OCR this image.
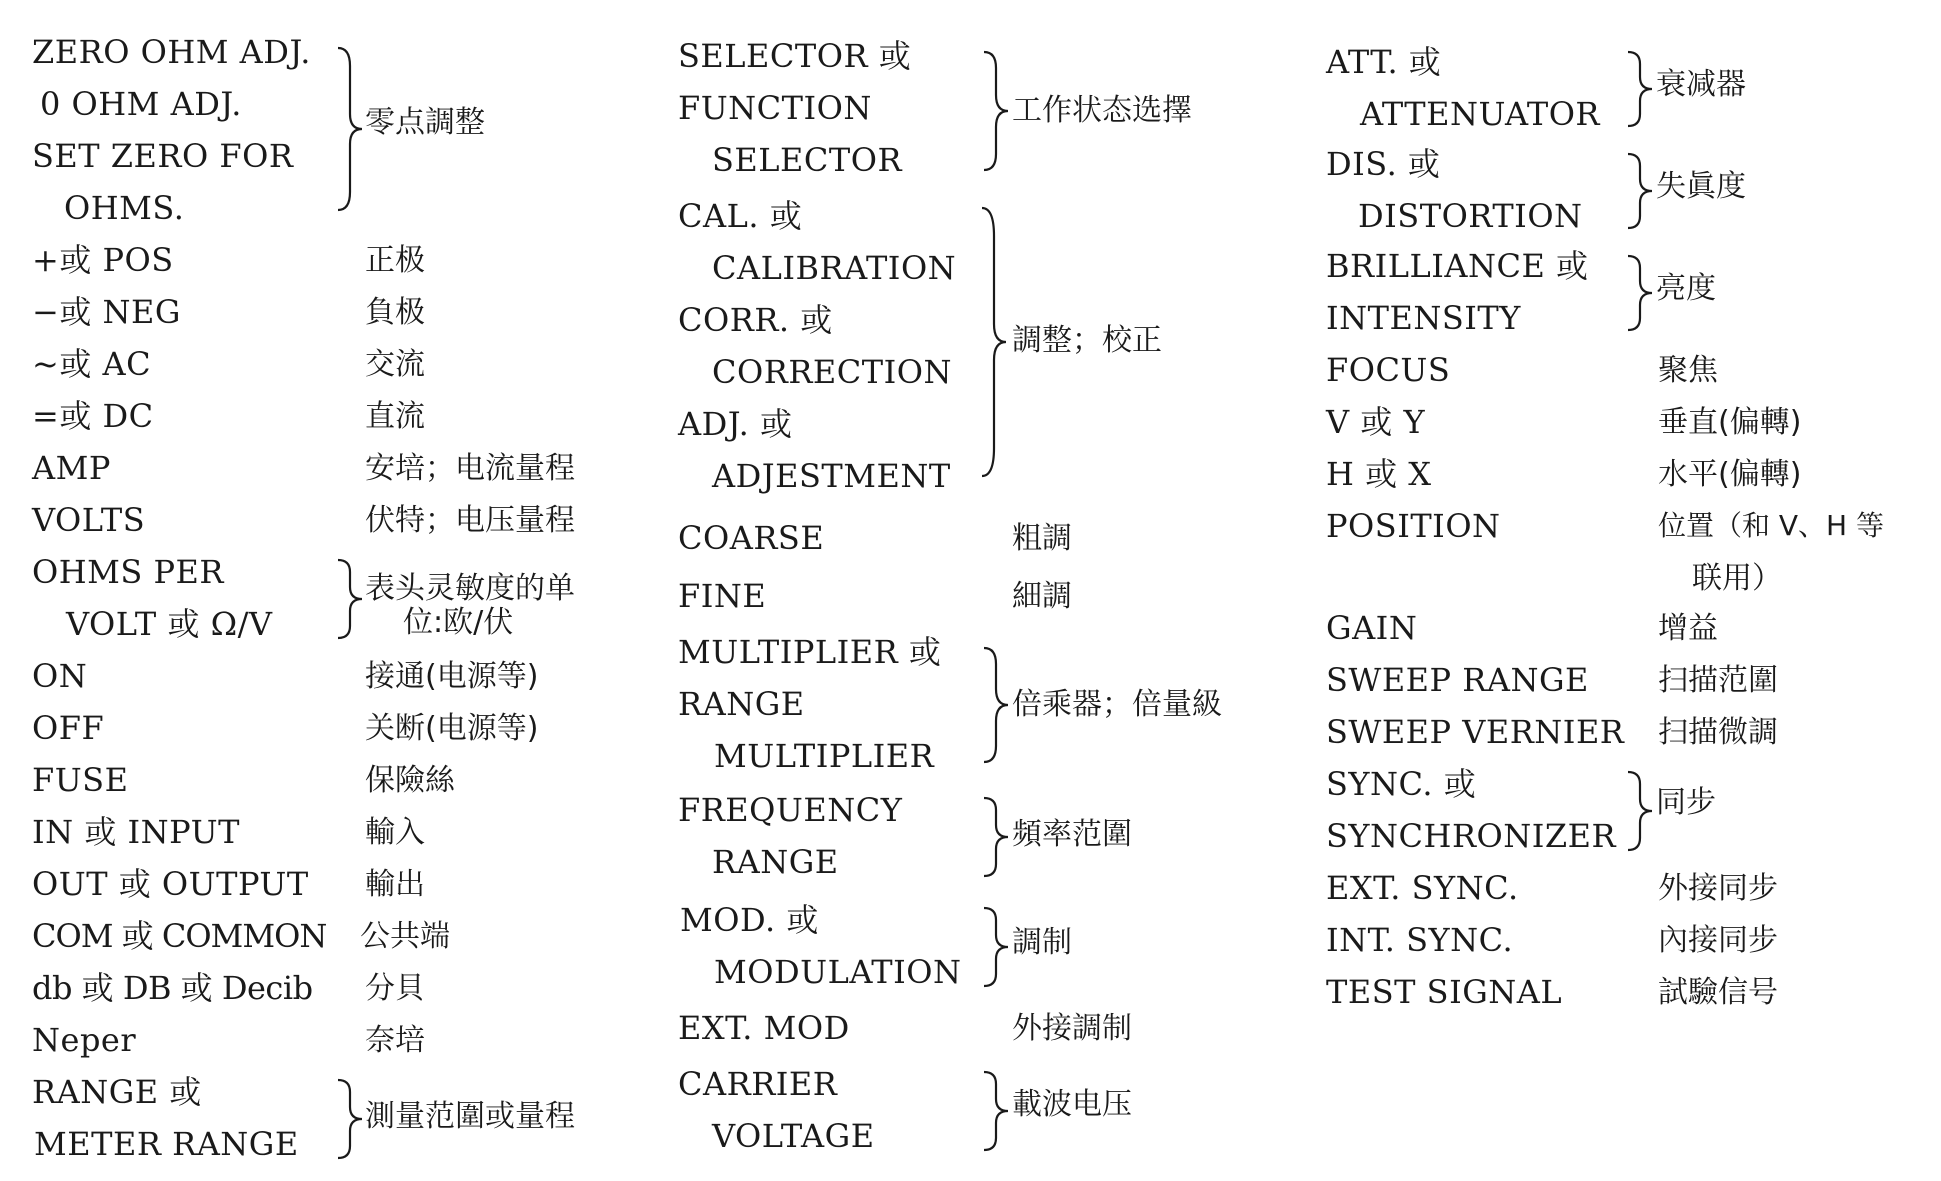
ZERO OHM ADJ.
0 OHM ADJ.
SET ZERO FOR
OHMS.
零点調整
+或 POS	正极
−或 NEG	負极
~或 AC	交流
=或 DC	直流
AMP	安培；电流量程
VOLTS	伏特；电压量程
OHMS PER
VOLT 或 Ω/V
表头灵敏度的单
位:欧/伏
ON	接通(电源等)
OFF	关断(电源等)
FUSE	保險絲
IN 或 INPUT	輸入
OUT 或 OUTPUT 輸出
COM 或 COMMON 公共端
db 或 DB 或 Decib 分貝
Neper	奈培
RANGE 或
METER RANGE
測量范圍或量程
SELECTOR 或
FUNCTION
SELECTOR
工作状态选擇
CAL. 或
CALIBRATION
CORR. 或
CORRECTION
ADJ. 或
ADJESTMENT
調整；校正
COARSE	粗調
FINE	細調
MULTIPLIER 或
RANGE
MULTIPLIER
倍乘器；倍量級
FREQUENCY
RANGE
頻率范圍
MOD. 或
MODULATION
調制
EXT. MOD	外接調制
CARRIER
VOLTAGE
載波电压
ATT. 或
ATTENUATOR
衰减器
DIS. 或
DISTORTION
失眞度
BRILLIANCE 或
INTENSITY
亮度
FOCUS	聚焦
V 或 Y	垂直(偏轉)
H 或 X	水平(偏轉)
POSITION	位置（和 V、H 等
联用）
GAIN	增益
SWEEP RANGE 扫描范圍
SWEEP VERNIER 扫描微調
SYNC. 或
SYNCHRONIZER
同步
EXT. SYNC.	外接同步
INT. SYNC.	內接同步
TEST SIGNAL	試驗信号
